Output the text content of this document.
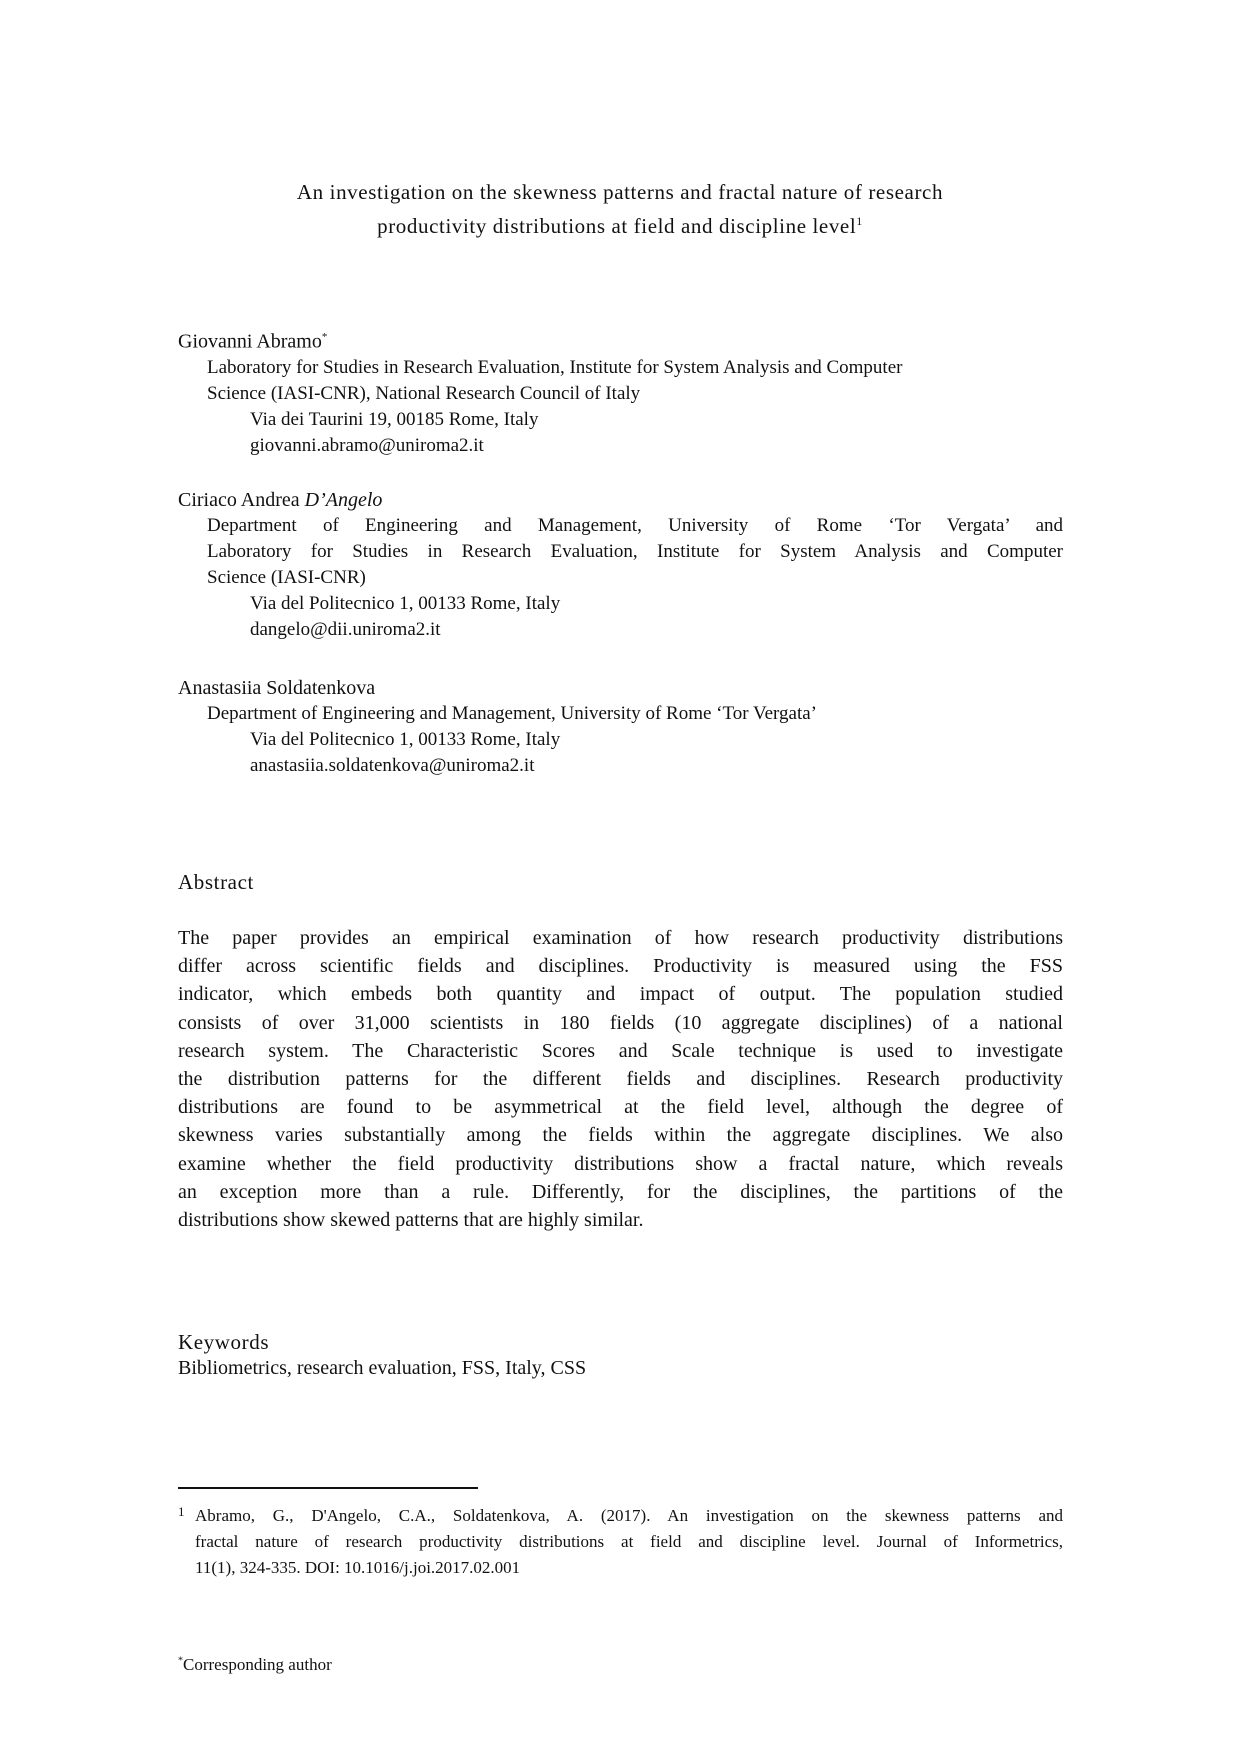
An investigation on the skewness patterns and fractal nature of research
productivity distributions at field and discipline level$^1$
Giovanni Abramo*
Laboratory for Studies in Research Evaluation, Institute for System Analysis and Computer
Science (IASI-CNR), National Research Council of Italy
Via dei Taurini 19, 00185 Rome, Italy
giovanni.abramo@uniroma2.it
Ciriaco Andrea D’Angelo
Department of Engineering and Management, University of Rome ‘Tor Vergata’ and
Laboratory for Studies in Research Evaluation, Institute for System Analysis and Computer
Science (IASI-CNR)
Via del Politecnico 1, 00133 Rome, Italy
dangelo@dii.uniroma2.it
Anastasiia Soldatenkova
Department of Engineering and Management, University of Rome ‘Tor Vergata’
Via del Politecnico 1, 00133 Rome, Italy
anastasiia.soldatenkova@uniroma2.it
Abstract
The paper provides an empirical examination of how research productivity distributions
differ across scientific fields and disciplines. Productivity is measured using the FSS
indicator, which embeds both quantity and impact of output. The population studied
consists of over 31,000 scientists in 180 fields (10 aggregate disciplines) of a national
research system. The Characteristic Scores and Scale technique is used to investigate
the distribution patterns for the different fields and disciplines. Research productivity
distributions are found to be asymmetrical at the field level, although the degree of
skewness varies substantially among the fields within the aggregate disciplines. We also
examine whether the field productivity distributions show a fractal nature, which reveals
an exception more than a rule. Differently, for the disciplines, the partitions of the
distributions show skewed patterns that are highly similar.
Keywords
Bibliometrics, research evaluation, FSS, Italy, CSS
1 Abramo, G., D'Angelo, C.A., Soldatenkova, A. (2017). An investigation on the skewness patterns and
fractal nature of research productivity distributions at field and discipline level. Journal of Informetrics,
11(1), 324-335. DOI: 10.1016/j.joi.2017.02.001
*Corresponding author
